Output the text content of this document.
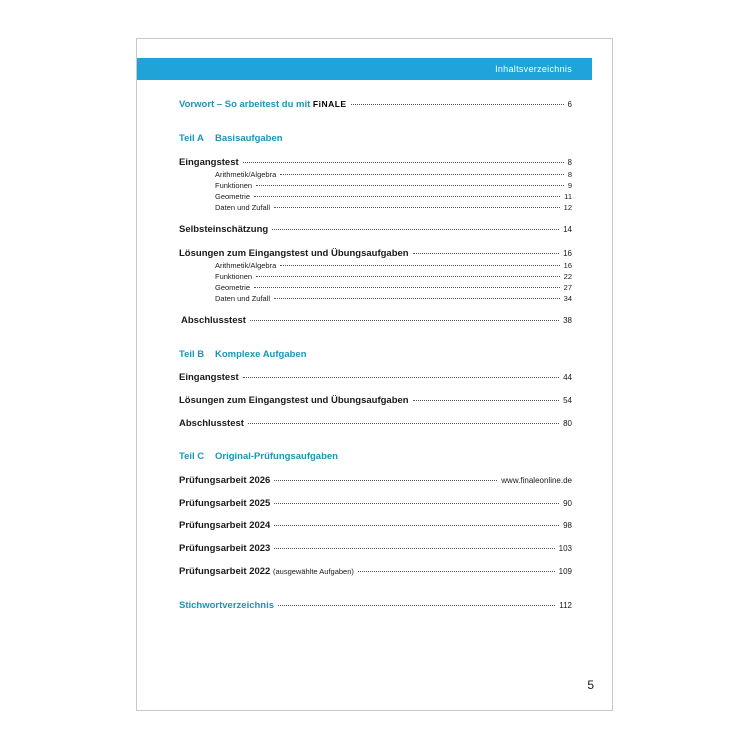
Inhaltsverzeichnis
Vorwort – So arbeitest du mit FiNALE	6
Teil A Basisaufgaben
Eingangstest	8
Arithmetik/Algebra	8
Funktionen	9
Geometrie	11
Daten und Zufall	12
Selbsteinschätzung	14
Lösungen zum Eingangstest und Übungsaufgaben	16
Arithmetik/Algebra	16
Funktionen	22
Geometrie	27
Daten und Zufall	34
Abschlusstest	38
Teil B Komplexe Aufgaben
Eingangstest	44
Lösungen zum Eingangstest und Übungsaufgaben	54
Abschlusstest	80
Teil C Original-Prüfungsaufgaben
Prüfungsarbeit 2026	www.finaleonline.de
Prüfungsarbeit 2025	90
Prüfungsarbeit 2024	98
Prüfungsarbeit 2023	103
Prüfungsarbeit 2022 (ausgewählte Aufgaben)	109
Stichwortverzeichnis	112
5
